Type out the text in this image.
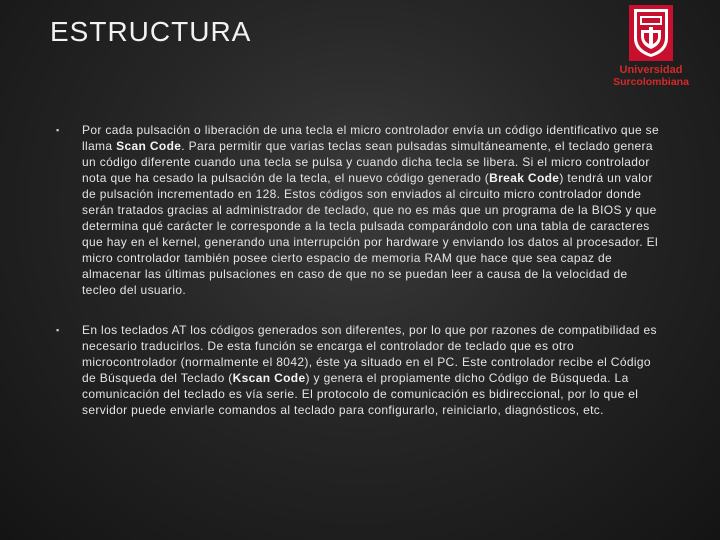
ESTRUCTURA
Universidad
Surcolombiana
▪ Por cada pulsación o liberación de una tecla el micro controlador envía un código identificativo que se llama Scan Code. Para permitir que varias teclas sean pulsadas simultáneamente, el teclado genera un código diferente cuando una tecla se pulsa y cuando dicha tecla se libera. Si el micro controlador nota que ha cesado la pulsación de la tecla, el nuevo código generado (Break Code) tendrá un valor de pulsación incrementado en 128. Estos códigos son enviados al circuito micro controlador donde serán tratados gracias al administrador de teclado, que no es más que un programa de la BIOS y que determina qué carácter le corresponde a la tecla pulsada comparándolo con una tabla de caracteres que hay en el kernel, generando una interrupción por hardware y enviando los datos al procesador. El micro controlador también posee cierto espacio de memoria RAM que hace que sea capaz de almacenar las últimas pulsaciones en caso de que no se puedan leer a causa de la velocidad de tecleo del usuario.

▪ En los teclados AT los códigos generados son diferentes, por lo que por razones de compatibilidad es necesario traducirlos. De esta función se encarga el controlador de teclado que es otro microcontrolador (normalmente el 8042), éste ya situado en el PC. Este controlador recibe el Código de Búsqueda del Teclado (Kscan Code) y genera el propiamente dicho Código de Búsqueda. La comunicación del teclado es vía serie. El protocolo de comunicación es bidireccional, por lo que el servidor puede enviarle comandos al teclado para configurarlo, reiniciarlo, diagnósticos, etc.
